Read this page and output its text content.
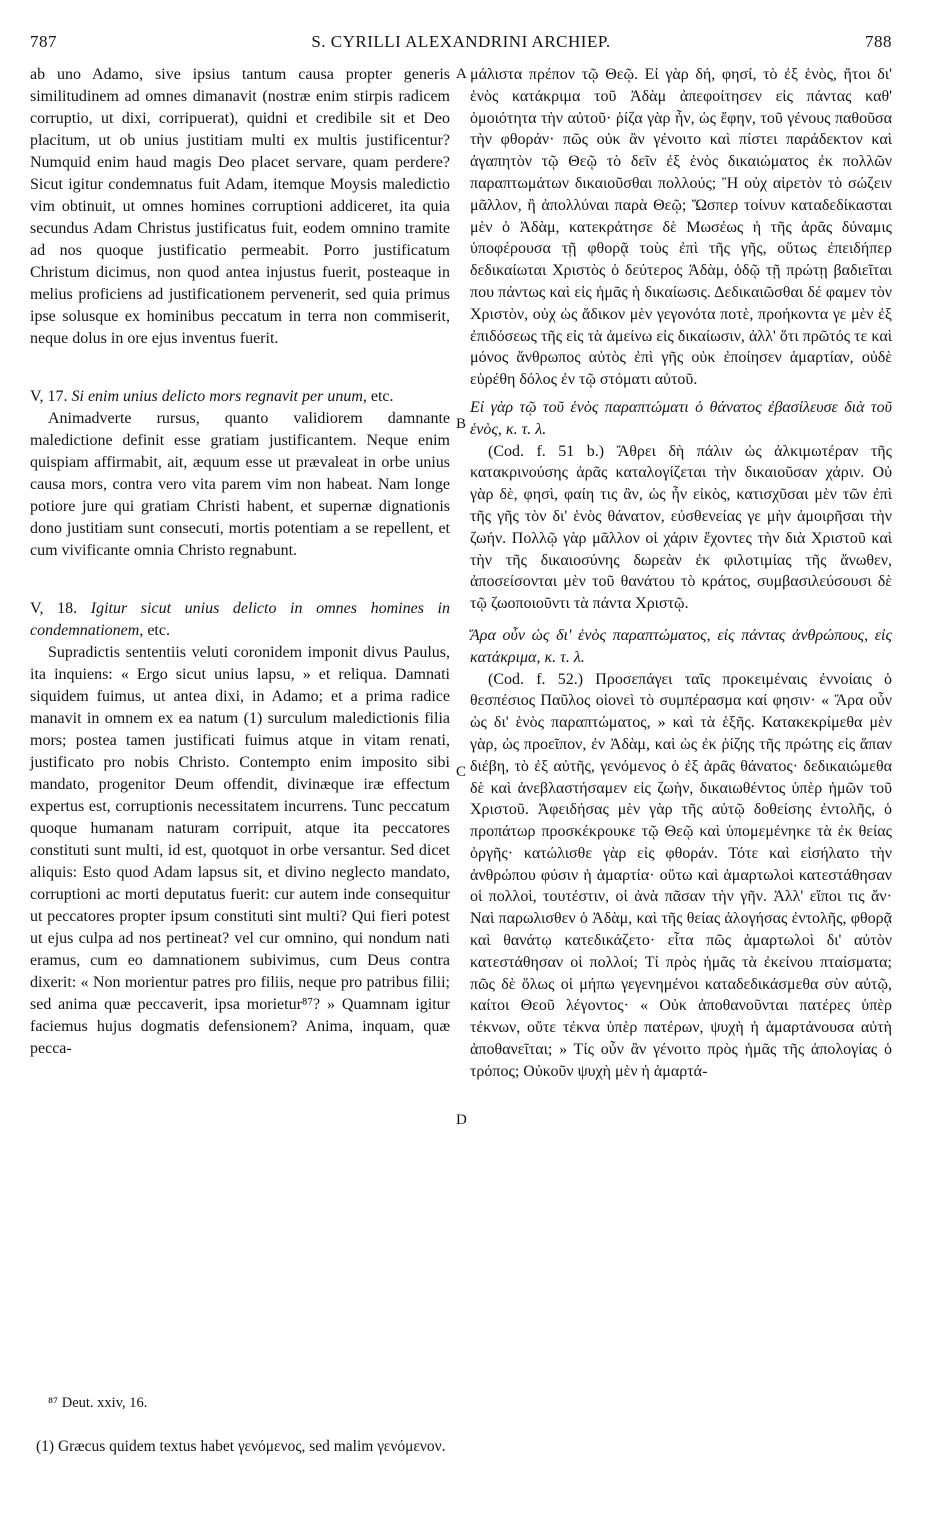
787	S. CYRILLI ALEXANDRINI ARCHIEP.	788

ab uno Adamo, sive ipsius tantum causa propter generis similitudinem ad omnes dimanavit (nostræ enim stirpis radicem corruptio, ut dixi, corripuerat), quidni et credibile sit et Deo placitum, ut ob unius justitiam multi ex multis justificentur? Numquid enim haud magis Deo placet servare, quam perdere? Sicut igitur condemnatus fuit Adam, itemque Moysis maledictio vim obtinuit, ut omnes homines corruptioni addiceret, ita quia secundus Adam Christus justificatus fuit, eodem omnino tramite ad nos quoque justificatio permeabit. Porro justificatum Christum dicimus, non quod antea injustus fuerit, posteaque in melius proficiens ad justificationem pervenerit, sed quia primus ipse solusque ex hominibus peccatum in terra non commiserit, neque dolus in ore ejus inventus fuerit.

V, 17. Si enim unius delicto mors regnavit per unum, etc.

Animadverte rursus, quanto validiorem damnante maledictione definit esse gratiam justificantem. Neque enim quispiam affirmabit, ait, æquum esse ut prævaleat in orbe unius causa mors, contra vero vita parem vim non habeat. Nam longe potiore jure qui gratiam Christi habent, et supernæ dignationis dono justitiam sunt consecuti, mortis potentiam a se repellent, et cum vivificante omnia Christo regnabunt.

V, 18. Igitur sicut unius delicto in omnes homines in condemnationem, etc.

Supradictis sententiis veluti coronidem imponit divus Paulus, ita inquiens: « Ergo sicut unius lapsu, » et reliqua. Damnati siquidem fuimus, ut antea dixi, in Adamo; et a prima radice manavit in omnem ex ea natum (1) surculum maledictionis filia mors; postea tamen justificati fuimus atque in vitam renati, justificato pro nobis Christo. Contempto enim imposito sibi mandato, progenitor Deum offendit, divinæque iræ effectum expertus est, corruptionis necessitatem incurrens. Tunc peccatum quoque humanam naturam corripuit, atque ita peccatores constituti sunt multi, id est, quotquot in orbe versantur. Sed dicet aliquis: Esto quod Adam lapsus sit, et divino neglecto mandato, corruptioni ac morti deputatus fuerit: cur autem inde consequitur ut peccatores propter ipsum constituti sint multi? Qui fieri potest ut ejus culpa ad nos pertineat? vel cur omnino, qui nondum nati eramus, cum eo damnationem subivimus, cum Deus contra dixerit: « Non morientur patres pro filiis, neque pro patribus filii; sed anima quæ peccaverit, ipsa morietur⁸⁷? » Quamnam igitur faciemus hujus dogmatis defensionem? Anima, inquam, quæ pecca-

A
B
C
D

μάλιστα πρέπον τῷ Θεῷ. Εἰ γὰρ δή, φησί, τὸ ἐξ ἑνὸς, ἤτοι δι' ἑνὸς κατάκριμα τοῦ Ἀδὰμ ἀπεφοίτησεν εἰς πάντας καθ' ὁμοιότητα τὴν αὐτοῦ· ῥίζα γὰρ ἦν, ὡς ἔφην, τοῦ γένους παθοῦσα τὴν φθοράν· πῶς οὐκ ἂν γένοιτο καὶ πίστει παράδεκτον καὶ ἀγαπητὸν τῷ Θεῷ τὸ δεῖν ἐξ ἑνὸς δικαιώματος ἐκ πολλῶν παραπτωμάτων δικαιοῦσθαι πολλούς; Ἢ οὐχ αἱρετὸν τὸ σώζειν μᾶλλον, ἢ ἀπολλύναι παρὰ Θεῷ; Ὥσπερ τοίνυν καταδεδίκασται μὲν ὁ Ἀδὰμ, κατεκράτησε δὲ Μωσέως ἡ τῆς ἀρᾶς δύναμις ὑποφέρουσα τῇ φθορᾷ τοὺς ἐπὶ τῆς γῆς, οὕτως ἐπειδήπερ δεδικαίωται Χριστὸς ὁ δεύτερος Ἀδὰμ, ὁδῷ τῇ πρώτῃ βαδιεῖται που πάντως καὶ εἰς ἡμᾶς ἡ δικαίωσις. Δεδικαιῶσθαι δέ φαμεν τὸν Χριστὸν, οὐχ ὡς ἄδικον μὲν γεγονότα ποτὲ, προήκοντα γε μὲν ἐξ ἐπιδόσεως τῆς εἰς τὰ ἀμείνω εἰς δικαίωσιν, ἀλλ' ὅτι πρῶτός τε καὶ μόνος ἄνθρωπος αὐτὸς ἐπὶ γῆς οὐκ ἐποίησεν ἁμαρτίαν, οὐδὲ εὑρέθη δόλος ἐν τῷ στόματι αὐτοῦ.

Εἰ γὰρ τῷ τοῦ ἑνὸς παραπτώματι ὁ θάνατος ἐβασίλευσε διὰ τοῦ ἑνὸς, κ. τ. λ.

(Cod. f. 51 b.) Ἄθρει δὴ πάλιν ὡς ἀλκιμωτέραν τῆς κατακρινούσης ἀρᾶς καταλογίζεται τὴν δικαιοῦσαν χάριν. Οὐ γὰρ δὲ, φησὶ, φαίη τις ἂν, ὡς ἦν εἰκὸς, κατισχῦσαι μὲν τῶν ἐπὶ τῆς γῆς τὸν δι' ἑνὸς θάνατον, εὐσθενείας γε μὴν ἀμοιρῆσαι τὴν ζωήν. Πολλῷ γὰρ μᾶλλον οἱ χάριν ἔχοντες τὴν διὰ Χριστοῦ καὶ τὴν τῆς δικαιοσύνης δωρεὰν ἐκ φιλοτιμίας τῆς ἄνωθεν, ἀποσείσονται μὲν τοῦ θανάτου τὸ κράτος, συμβασιλεύσουσι δὲ τῷ ζωοποιοῦντι τὰ πάντα Χριστῷ.

Ἄρα οὖν ὡς δι' ἑνὸς παραπτώματος, εἰς πάντας ἀνθρώπους, εἰς κατάκριμα, κ. τ. λ.

(Cod. f. 52.) Προσεπάγει ταῖς προκειμέναις ἐννοίαις ὁ θεσπέσιος Παῦλος οἱονεὶ τὸ συμπέρασμα καί φησιν· « Ἄρα οὖν ὡς δι' ἑνὸς παραπτώματος, » καὶ τὰ ἑξῆς. Κατακεκρίμεθα μὲν γὰρ, ὡς προεῖπον, ἐν Ἀδὰμ, καὶ ὡς ἐκ ῥίζης τῆς πρώτης εἰς ἅπαν διέβη, τὸ ἐξ αὐτῆς, γενόμενος ὁ ἐξ ἀρᾶς θάνατος· δεδικαιώμεθα δὲ καὶ ἀνεβλαστήσαμεν εἰς ζωὴν, δικαιωθέντος ὑπὲρ ἡμῶν τοῦ Χριστοῦ. Ἀφειδήσας μὲν γὰρ τῆς αὐτῷ δοθείσης ἐντολῆς, ὁ προπάτωρ προσκέκρουκε τῷ Θεῷ καὶ ὑπομεμένηκε τὰ ἐκ θείας ὀργῆς· κατώλισθε γὰρ εἰς φθοράν. Τότε καὶ εἰσήλατο τὴν ἀνθρώπου φύσιν ἡ ἁμαρτία· οὕτω καὶ ἁμαρτωλοὶ κατεστάθησαν οἱ πολλοὶ, τουτέστιν, οἱ ἀνὰ πᾶσαν τὴν γῆν. Ἀλλ' εἴποι τις ἄν· Ναὶ παρωλισθεν ὁ Ἀδὰμ, καὶ τῆς θείας ἀλογήσας ἐντολῆς, φθορᾷ καὶ θανάτῳ κατεδικάζετο· εἶτα πῶς ἁμαρτωλοὶ δι' αὐτὸν κατεστάθησαν οἱ πολλοί; Τί πρὸς ἡμᾶς τὰ ἐκείνου πταίσματα; πῶς δὲ ὅλως οἱ μήπω γεγενημένοι καταδεδικάσμεθα σὺν αὐτῷ, καίτοι Θεοῦ λέγοντος· « Οὐκ ἀποθανοῦνται πατέρες ὑπὲρ τέκνων, οὔτε τέκνα ὑπὲρ πατέρων, ψυχὴ ἡ ἁμαρτάνουσα αὐτὴ ἀποθανεῖται; » Τίς οὖν ἂν γένοιτο πρὸς ἡμᾶς τῆς ἀπολογίας ὁ τρόπος; Οὐκοῦν ψυχὴ μὲν ἡ ἁμαρτά-

⁸⁷ Deut. xxiv, 16.
(1) Græcus quidem textus habet γενόμενος, sed malim γενόμενον.
